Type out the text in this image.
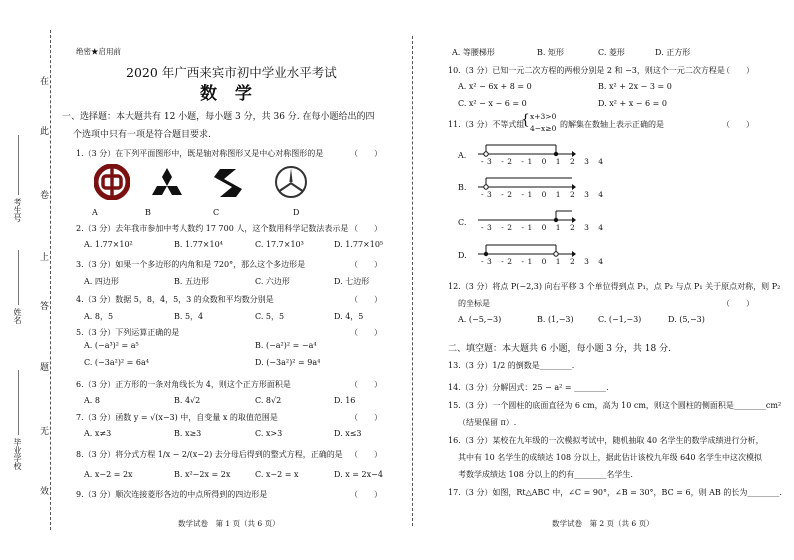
在
此
卷
上
答
题
无
效
考生号
姓名
毕业学校
绝密★启用前
2020 年广西来宾市初中学业水平考试
数 学
一、选择题：本大题共有 12 小题，每小题 3 分，共 36 分. 在每小题给出的四
个选项中只有一项是符合题目要求.
1.（3 分）在下列平面图形中，既是轴对称图形又是中心对称图形的是	（　　）
A	B	C	D
2.（3 分）去年我市参加中考人数约 17 700 人，这个数用科学记数法表示是 （　　）
A. 1.77×10²	B. 1.77×10⁴	C. 17.7×10³	D. 1.77×10⁵
3.（3 分）如果一个多边形的内角和是 720°，那么这个多边形是	（　　）
A. 四边形	B. 五边形	C. 六边形	D. 七边形
4.（3 分）数据 5，8，4，5，3 的众数和平均数分别是	（　　）
A. 8，5	B. 5，4	C. 5，5	D. 4，5
5.（3 分）下列运算正确的是	（　　）
A. (−a³)² = a⁵	B. (−a²)² = −a⁴
C. (−3a²)² = 6a⁴	D. (−3a²)² = 9a⁴
6.（3 分）正方形的一条对角线长为 4，则这个正方形面积是	（　　）
A. 8	B. 4√2	C. 8√2	D. 16
7.（3 分）函数 y = √(x−3) 中，自变量 x 的取值范围是	（　　）
A. x≠3	B. x≥3	C. x>3	D. x≤3
8.（3 分）将分式方程 1/x − 2/(x−2) 去分母后得到的整式方程，正确的是 （　　）
A. x−2 = 2x	B. x²−2x = 2x	C. x−2 = x	D. x = 2x−4
9.（3 分）顺次连接菱形各边的中点所得到的四边形是	（　　）
数学试卷　第 1 页（共 6 页）
A. 等腰梯形	B. 矩形	C. 菱形	D. 正方形
10.（3 分）已知一元二次方程的两根分别是 2 和 −3，则这个一元二次方程是
（　　）
A. x² − 6x + 8 = 0	B. x² + 2x − 3 = 0
C. x² − x − 6 = 0	D. x² + x − 6 = 0
11.（3 分）不等式组
{ x+3>0
4−x≥0 的解集在数轴上表示正确的是	（　　）
A.
B.
C.
D.
-3 -2 -1 0 1 2 3 4
-3 -2 -1 0 1 2 3 4
-3 -2 -1 0 1 2 3 4
-3 -2 -1 0 1 2 3 4
12.（3 分）将点 P(−2,3) 向右平移 3 个单位得到点 P₁，点 P₂ 与点 P₁ 关于原点对称，则 P₂
的坐标是	（　　）
A. (−5,−3)	B. (1,−3)	C. (−1,−3)	D. (5,−3)
二、填空题：本大题共 6 小题，每小题 3 分，共 18 分.
13.（3 分）1/2 的倒数是________.
14.（3 分）分解因式：25 − a² = ________.
15.（3 分）一个圆柱的底面直径为 6 cm，高为 10 cm，则这个圆柱的侧面积是________cm²
（结果保留 π）.
16.（3 分）某校在九年级的一次模拟考试中，随机抽取 40 名学生的数学成绩进行分析，
其中有 10 名学生的成绩达 108 分以上，据此估计该校九年级 640 名学生中这次模拟
考数学成绩达 108 分以上的约有________名学生.
17.（3 分）如图，Rt△ABC 中，∠C = 90°，∠B = 30°，BC = 6，则 AB 的长为________.
数学试卷　第 2 页（共 6 页）
